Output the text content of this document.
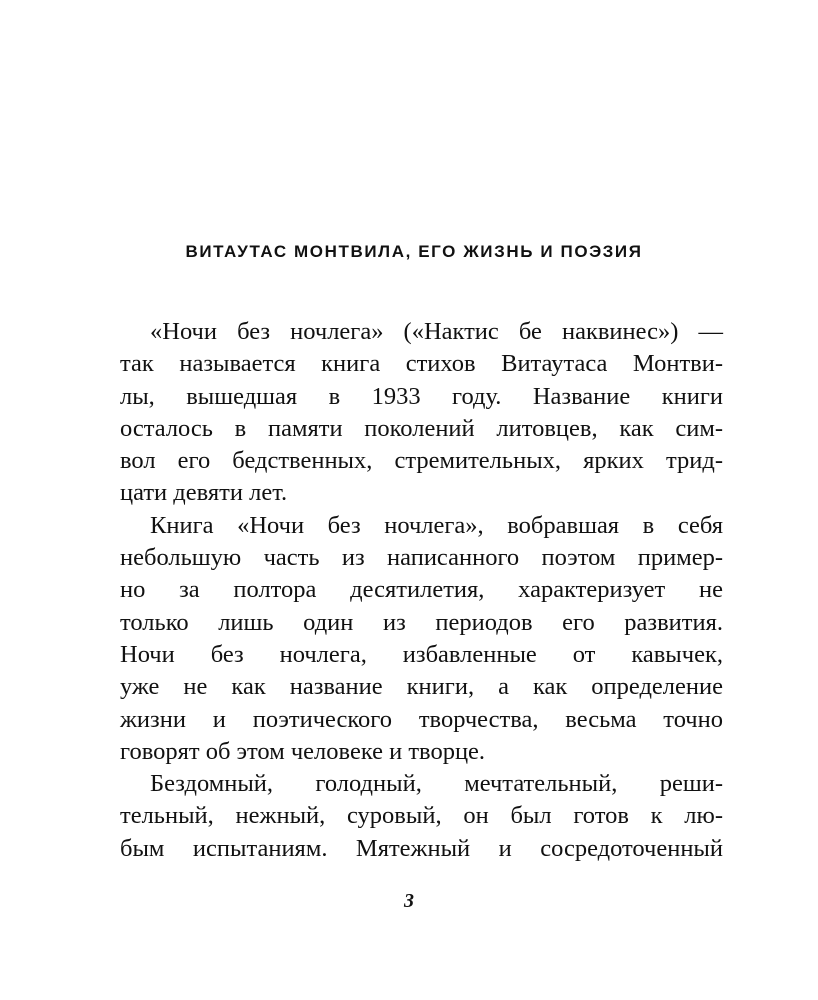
ВИТАУТАС МОНТВИЛА, ЕГО ЖИЗНЬ И ПОЭЗИЯ
«Ночи без ночлега» («Нактис бе наквинес») —
так называется книга стихов Витаутаса Монтви-
лы, вышедшая в 1933 году. Название книги
осталось в памяти поколений литовцев, как сим-
вол его бедственных, стремительных, ярких трид-
цати девяти лет.
Книга «Ночи без ночлега», вобравшая в себя
небольшую часть из написанного поэтом пример-
но за полтора десятилетия, характеризует не
только лишь один из периодов его развития.
Ночи без ночлега, избавленные от кавычек,
уже не как название книги, а как определение
жизни и поэтического творчества, весьма точно
говорят об этом человеке и творце.
Бездомный, голодный, мечтательный, реши-
тельный, нежный, суровый, он был готов к лю-
бым испытаниям. Мятежный и сосредоточенный
3
